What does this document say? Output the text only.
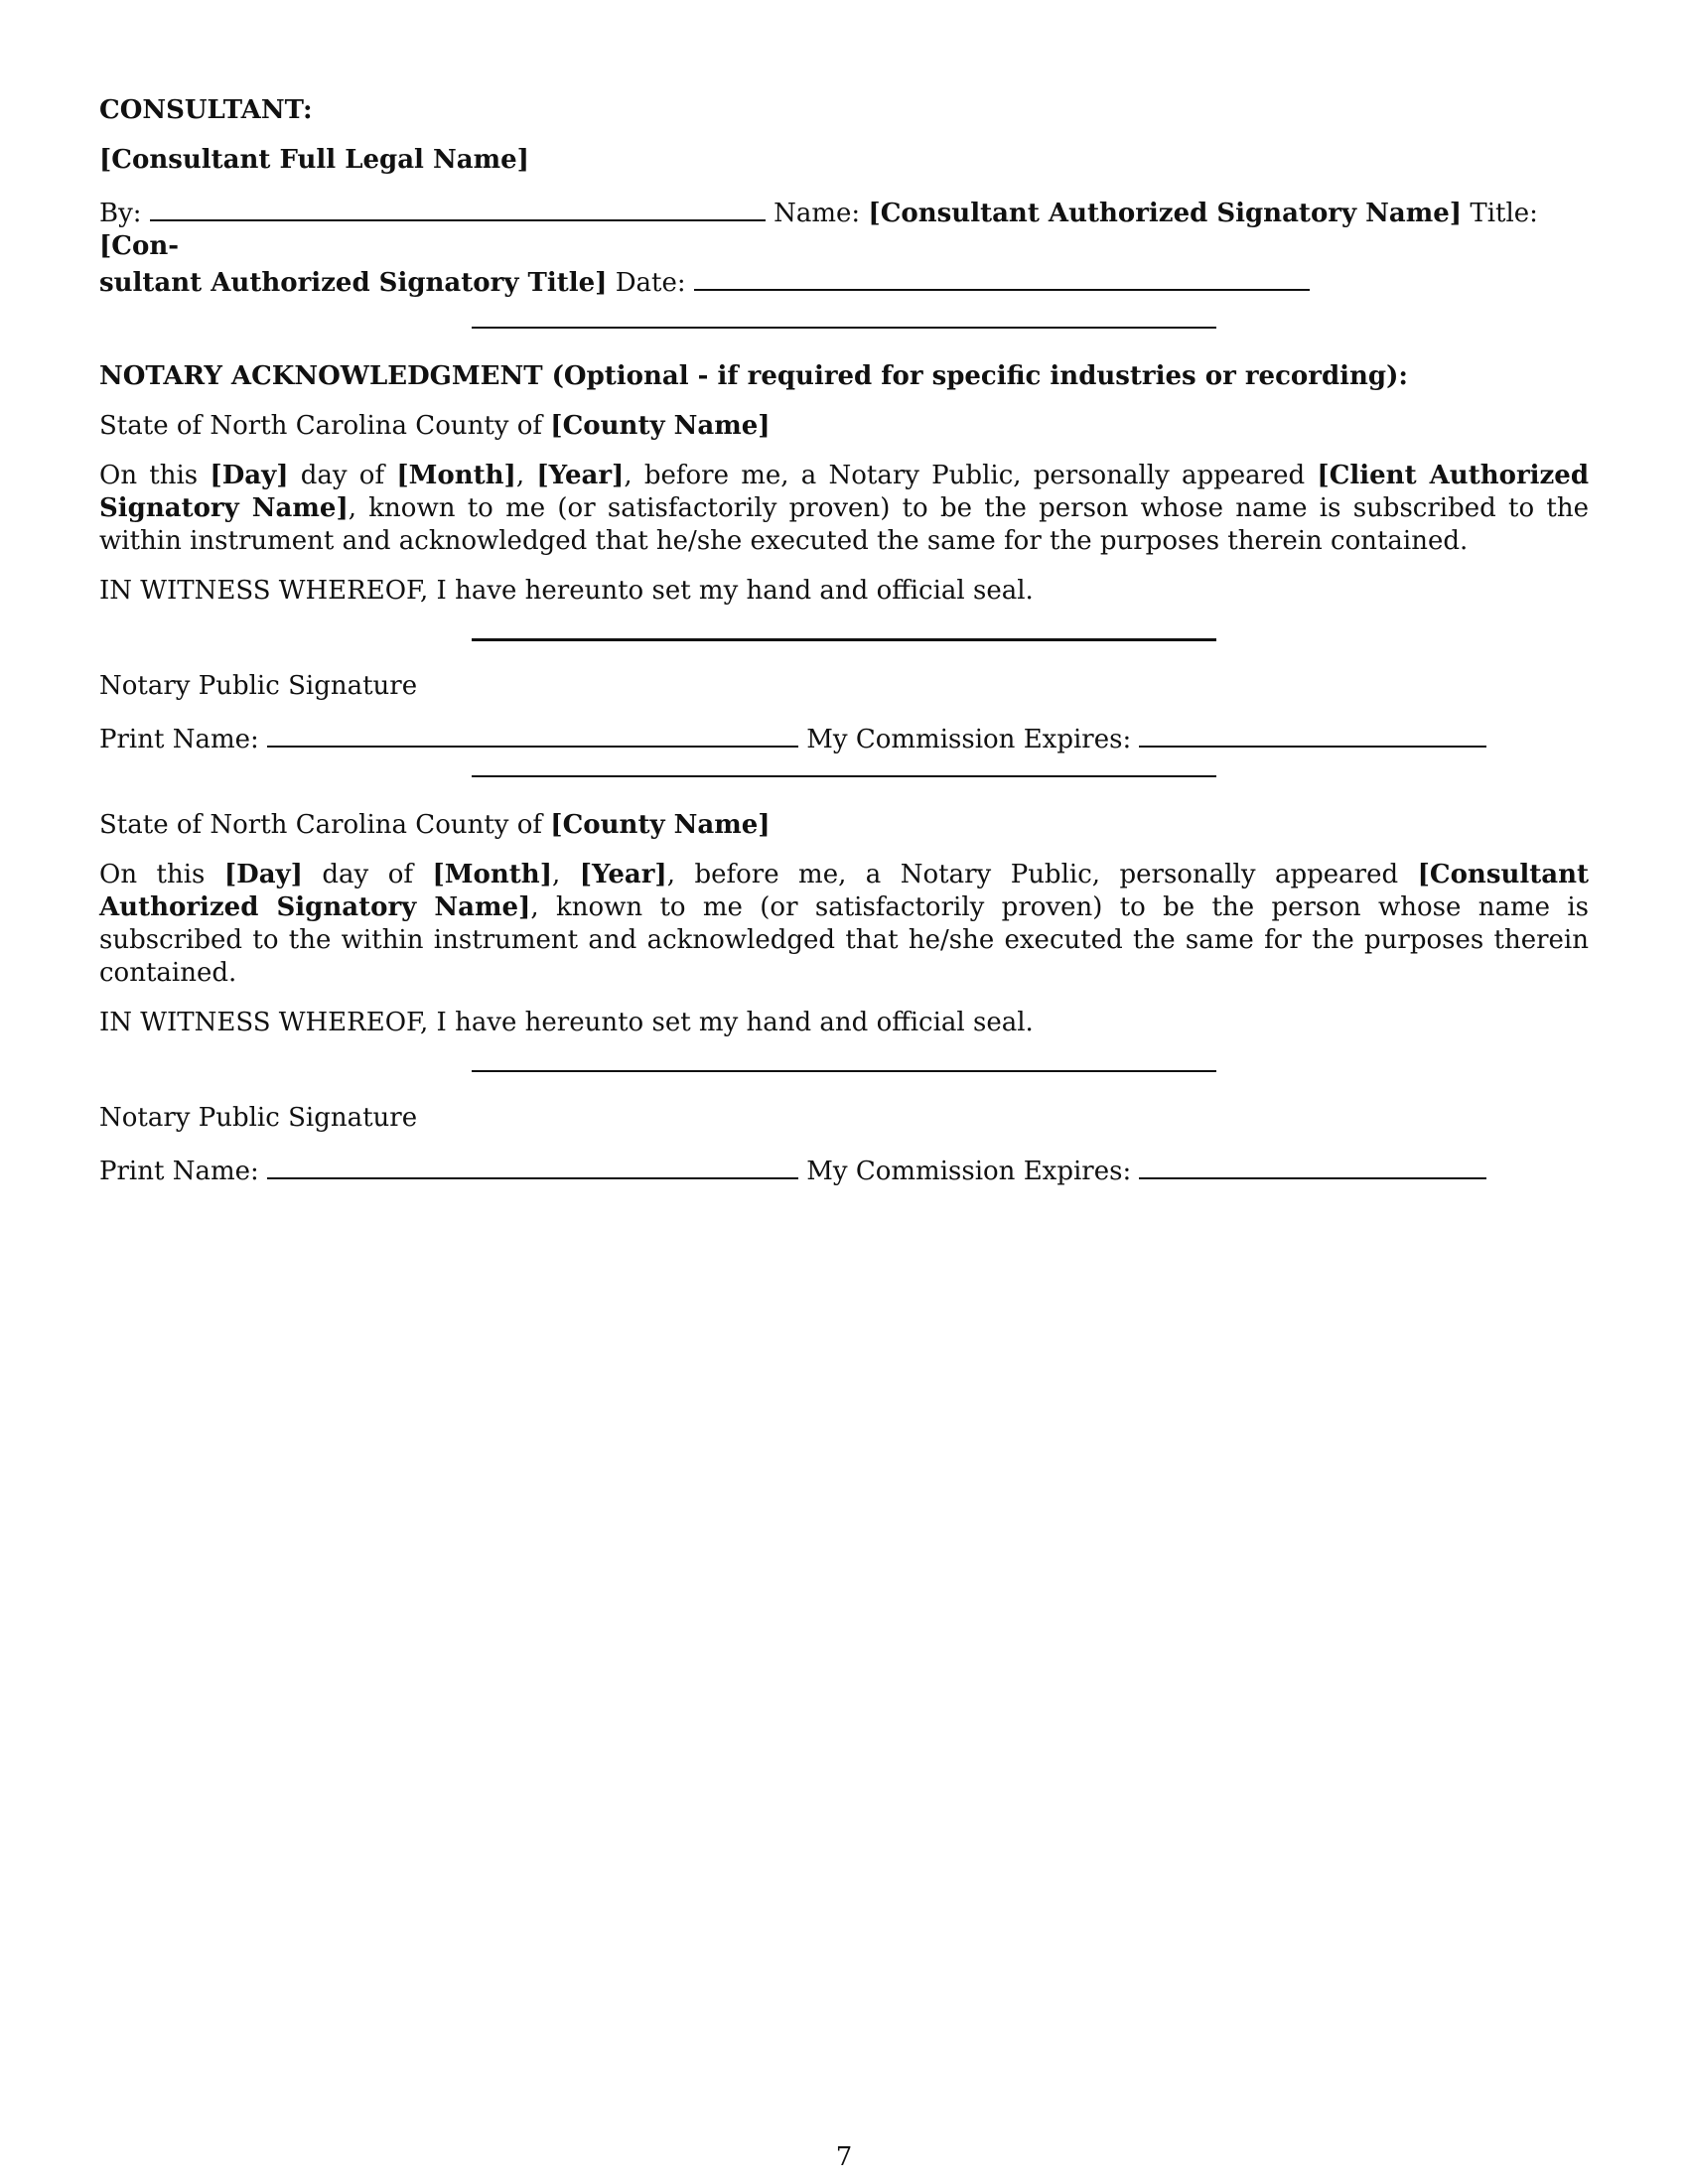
CONSULTANT:

[Consultant Full Legal Name]

By:	Name: [Consultant Authorized Signatory Name] Title: [Con-
sultant Authorized Signatory Title] Date:

NOTARY ACKNOWLEDGMENT (Optional - if required for specific industries or recording):

State of North Carolina County of [County Name]

On this [Day] day of [Month], [Year], before me, a Notary Public, personally appeared [Client Authorized Signatory Name], known to me (or satisfactorily proven) to be the person whose name is subscribed to the within instrument and acknowledged that he/she executed the same for the purposes therein contained.

IN WITNESS WHEREOF, I have hereunto set my hand and official seal.

Notary Public Signature

Print Name:	My Commission Expires:

State of North Carolina County of [County Name]

On this [Day] day of [Month], [Year], before me, a Notary Public, personally appeared [Consultant Authorized Signatory Name], known to me (or satisfactorily proven) to be the person whose name is subscribed to the within instrument and acknowledged that he/she executed the same for the purposes therein contained.

IN WITNESS WHEREOF, I have hereunto set my hand and official seal.

Notary Public Signature

Print Name:	My Commission Expires:

7
